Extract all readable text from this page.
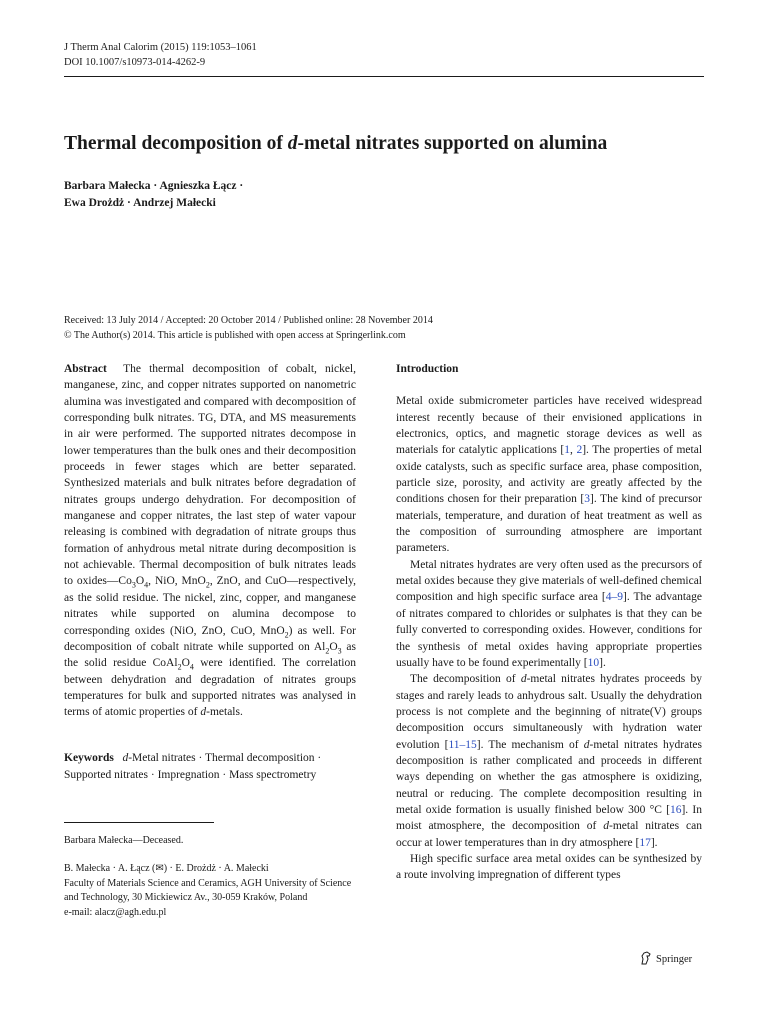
J Therm Anal Calorim (2015) 119:1053–1061
DOI 10.1007/s10973-014-4262-9
Thermal decomposition of d-metal nitrates supported on alumina
Barbara Małecka · Agnieszka Łącz ·
Ewa Drożdż · Andrzej Małecki
Received: 13 July 2014 / Accepted: 20 October 2014 / Published online: 28 November 2014
© The Author(s) 2014. This article is published with open access at Springerlink.com

Abstract The thermal decomposition of cobalt, nickel, manganese, zinc, and copper nitrates supported on nanometric alumina was investigated and compared with decomposition of corresponding bulk nitrates. TG, DTA, and MS measurements in air were performed. The supported nitrates decompose in lower temperatures than the bulk ones and their decomposition proceeds in fewer stages which are better separated. Synthesized materials and bulk nitrates before degradation of nitrates groups undergo dehydration. For decomposition of manganese and copper nitrates, the last step of water vapour releasing is combined with degradation of nitrate groups thus formation of anhydrous metal nitrate during decomposition is not achievable. Thermal decomposition of bulk nitrates leads to $oxides—Co_3O_4$, NiO, MnO$_2$, ZnO, and CuO—respectively, as the solid residue. The nickel, zinc, copper, and manganese nitrates while supported on alumina decompose to corresponding oxides (NiO, ZnO, CuO, MnO$_2$) as well. For decomposition of cobalt nitrate while supported on $Al_2O_3$ as the solid residue $CoAl_2O_4$ were identified. The correlation between dehydration and degradation of nitrates groups temperatures for bulk and supported nitrates was analysed in terms of atomic properties of d-metals.

Keywords d-Metal nitrates · Thermal decomposition · Supported nitrates · Impregnation · Mass spectrometry
Barbara Małecka—Deceased.
B. Małecka · A. Łącz (✉) · E. Drożdż · A. Małecki
Faculty of Materials Science and Ceramics, AGH University of Science and Technology, 30 Mickiewicz Av., 30-059 Kraków, Poland
e-mail: alacz@agh.edu.pl

Introduction

Metal oxide submicrometer particles have received widespread interest recently because of their envisioned applications in electronics, optics, and magnetic storage devices as well as materials for catalytic applications [1, 2]. The properties of metal oxide catalysts, such as specific surface area, phase composition, particle size, porosity, and activity are greatly affected by the conditions chosen for their preparation [3]. The kind of precursor materials, temperature, and duration of heat treatment as well as the composition of surrounding atmosphere are important parameters.

Metal nitrates hydrates are very often used as the precursors of metal oxides because they give materials of well-defined chemical composition and high specific surface area [4–9]. The advantage of nitrates compared to chlorides or sulphates is that they can be fully converted to corresponding oxides. However, conditions for the synthesis of metal oxides having appropriate properties usually have to be found experimentally [10].

The decomposition of d-metal nitrates hydrates proceeds by stages and rarely leads to anhydrous salt. Usually the dehydration process is not complete and the beginning of nitrate(V) groups decomposition occurs simultaneously with hydration water evolution [11–15]. The mechanism of d-metal nitrates hydrates decomposition is rather complicated and proceeds in different ways depending on whether the gas atmosphere is oxidizing, neutral or reducing. The complete decomposition resulting in metal oxide formation is usually finished below 300 °C [16]. In moist atmosphere, the decomposition of d-metal nitrates can occur at lower temperatures than in dry atmosphere [17].

High specific surface area metal oxides can be synthesized by a route involving impregnation of different types

Springer
